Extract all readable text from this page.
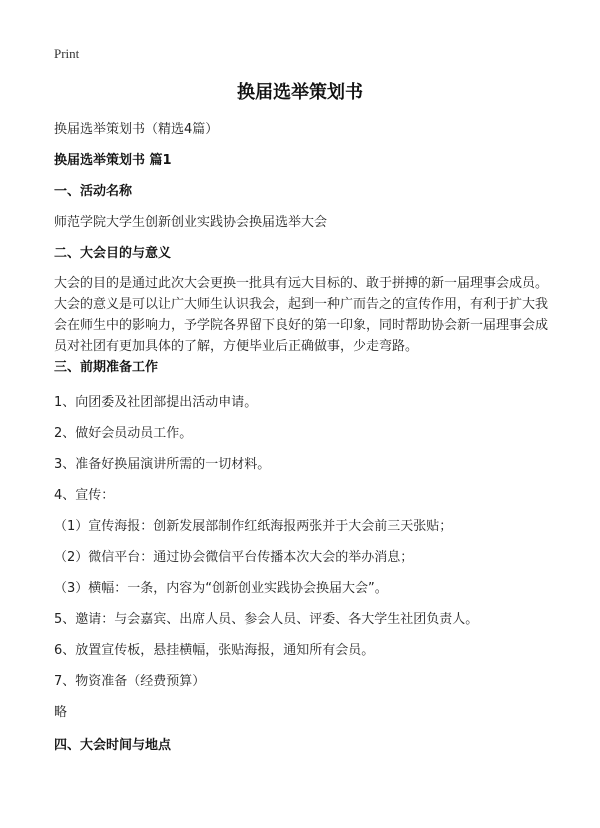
Print
换届选举策划书
换届选举策划书（精选4篇）
换届选举策划书 篇1
一、活动名称
师范学院大学生创新创业实践协会换届选举大会
二、大会目的与意义
大会的目的是通过此次大会更换一批具有远大目标的、敢于拼搏的新一届理事会成员。大会的意义是可以让广大师生认识我会，起到一种广而告之的宣传作用，有利于扩大我会在师生中的影响力，予学院各界留下良好的第一印象，同时帮助协会新一届理事会成员对社团有更加具体的了解，方便毕业后正确做事，少走弯路。
三、前期准备工作
1、向团委及社团部提出活动申请。
2、做好会员动员工作。
3、准备好换届演讲所需的一切材料。
4、宣传：
（1）宣传海报：创新发展部制作红纸海报两张并于大会前三天张贴；
（2）微信平台：通过协会微信平台传播本次大会的举办消息；
（3）横幅：一条，内容为“创新创业实践协会换届大会”。
5、邀请：与会嘉宾、出席人员、参会人员、评委、各大学生社团负责人。
6、放置宣传板，悬挂横幅，张贴海报，通知所有会员。
7、物资准备（经费预算）
略
四、大会时间与地点
